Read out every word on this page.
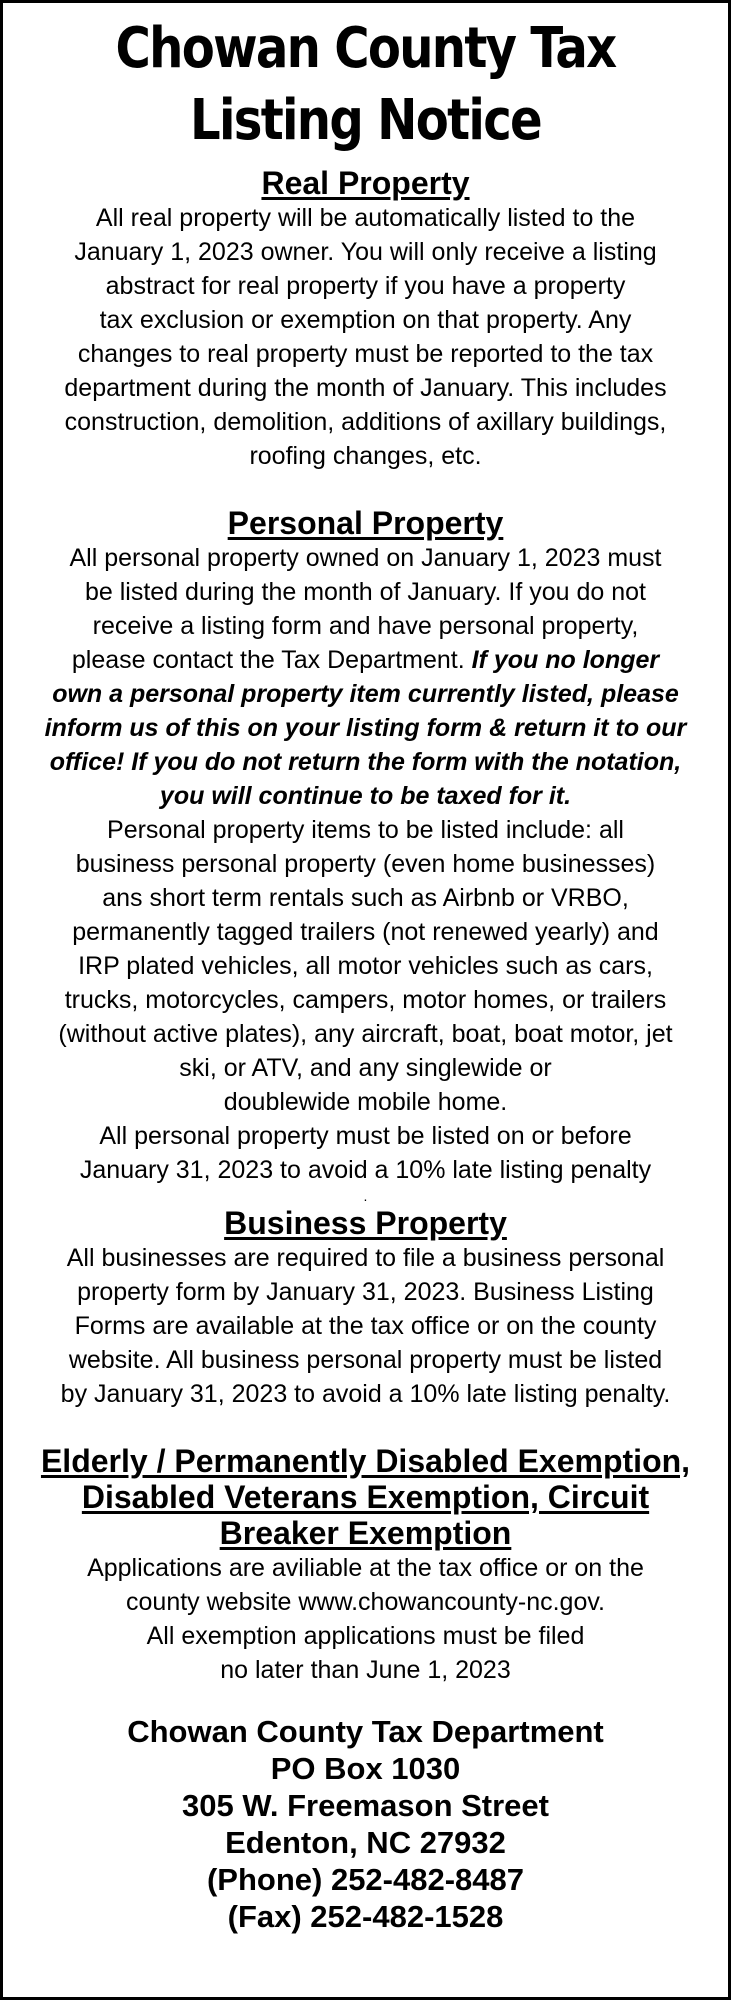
Chowan County Tax
Listing Notice
Real Property

All real property will be automatically listed to the
January 1, 2023 owner. You will only receive a listing
abstract for real property if you have a property
tax exclusion or exemption on that property. Any
changes to real property must be reported to the tax
department during the month of January. This includes
construction, demolition, additions of axillary buildings,
roofing changes, etc.

Personal Property

All personal property owned on January 1, 2023 must
be listed during the month of January. If you do not
receive a listing form and have personal property,
please contact the Tax Department. If you no longer
own a personal property item currently listed, please
inform us of this on your listing form & return it to our
office! If you do not return the form with the notation,
you will continue to be taxed for it.
Personal property items to be listed include: all
business personal property (even home businesses)
ans short term rentals such as Airbnb or VRBO,
permanently tagged trailers (not renewed yearly) and
IRP plated vehicles, all motor vehicles such as cars,
trucks, motorcycles, campers, motor homes, or trailers
(without active plates), any aircraft, boat, boat motor, jet
ski, or ATV, and any singlewide or
doublewide mobile home.
All personal property must be listed on or before
January 31, 2023 to avoid a 10% late listing penalty

.
Business Property

All businesses are required to file a business personal
property form by January 31, 2023. Business Listing
Forms are available at the tax office or on the county
website. All business personal property must be listed
by January 31, 2023 to avoid a 10% late listing penalty.

Elderly / Permanently Disabled Exemption,
Disabled Veterans Exemption, Circuit
Breaker Exemption

Applications are aviliable at the tax office or on the
county website www.chowancounty-nc.gov.
All exemption applications must be filed
no later than June 1, 2023

Chowan County Tax Department

PO Box 1030

305 W. Freemason Street

Edenton, NC 27932

(Phone) 252-482-8487

(Fax) 252-482-1528
